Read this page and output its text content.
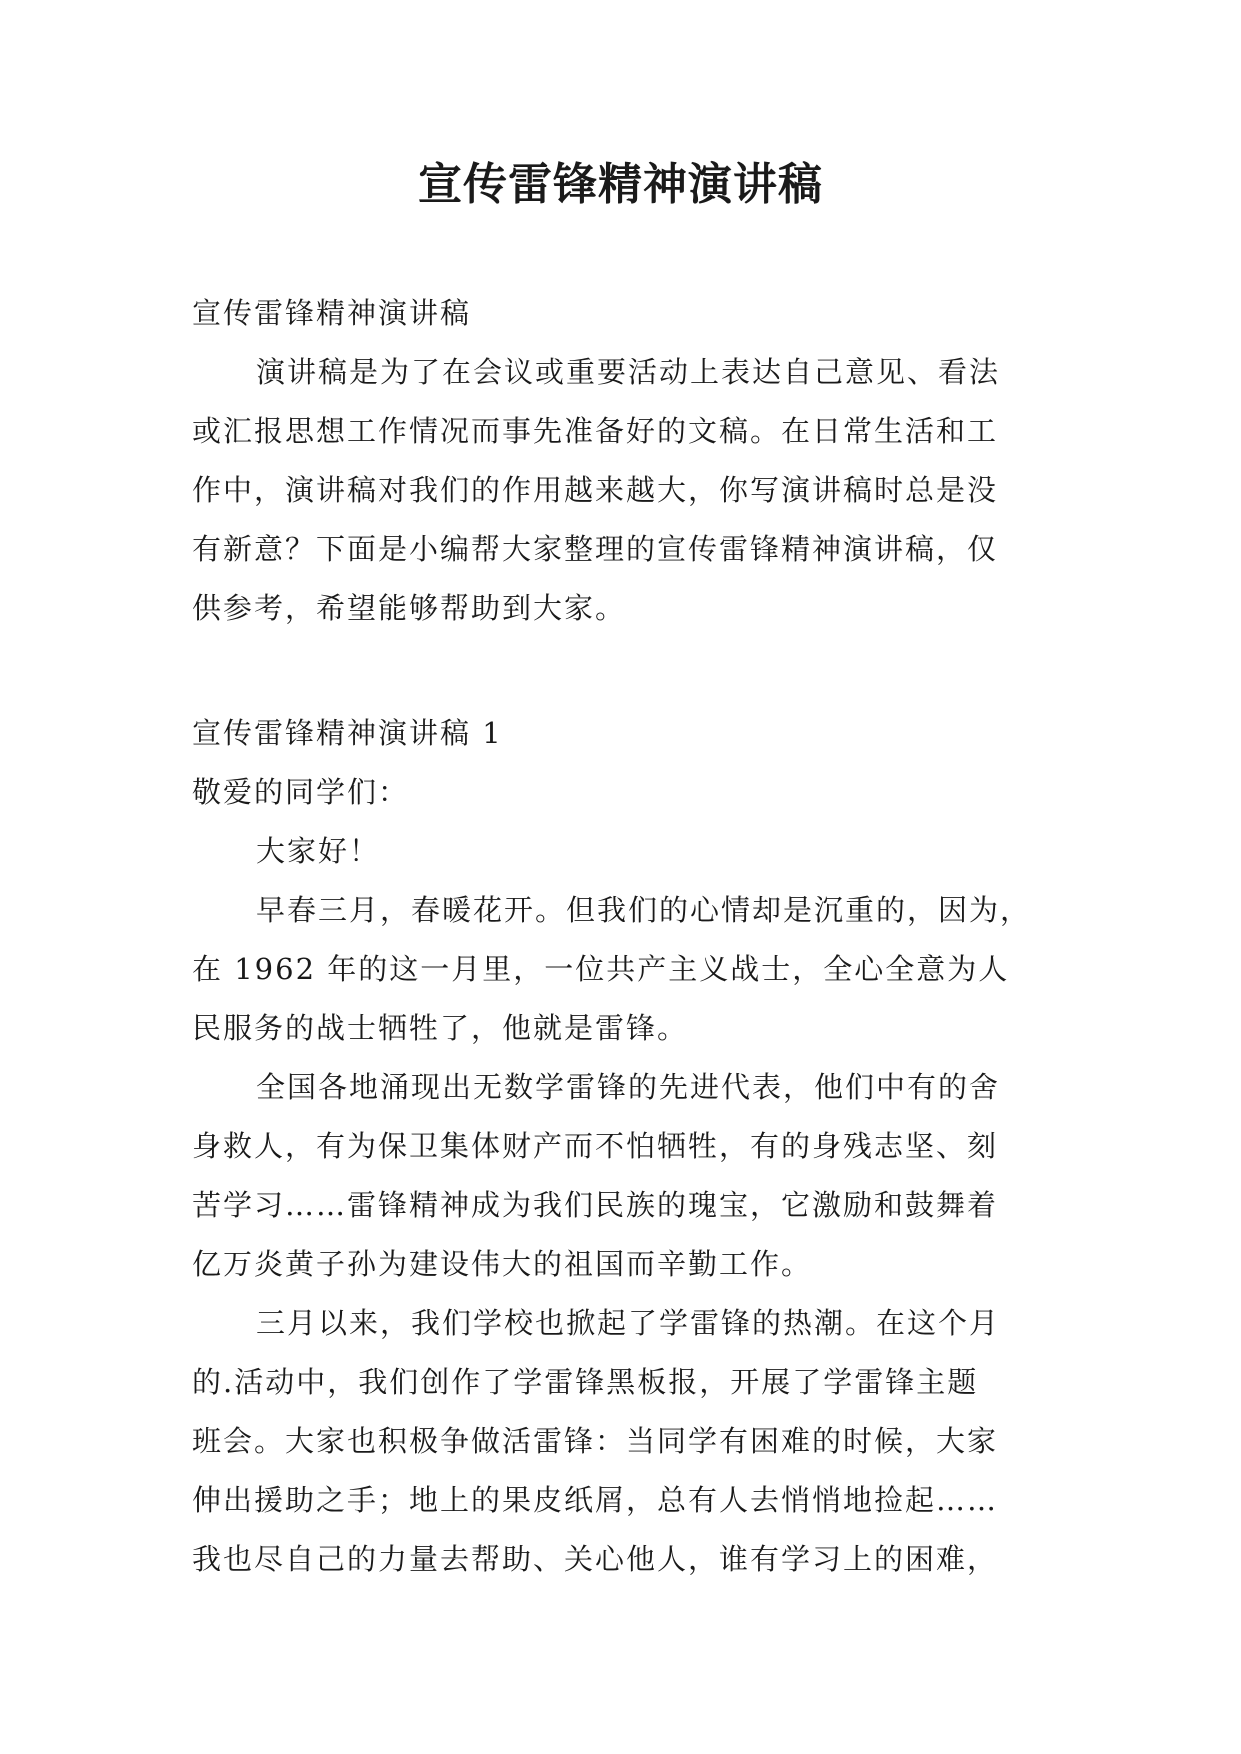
宣传雷锋精神演讲稿
宣传雷锋精神演讲稿
演讲稿是为了在会议或重要活动上表达自己意见、看法
或汇报思想工作情况而事先准备好的文稿。在日常生活和工
作中，演讲稿对我们的作用越来越大，你写演讲稿时总是没
有新意？下面是小编帮大家整理的宣传雷锋精神演讲稿，仅
供参考，希望能够帮助到大家。
宣传雷锋精神演讲稿 1
敬爱的同学们：
大家好！
早春三月，春暖花开。但我们的心情却是沉重的，因为，
在 1962 年的这一月里，一位共产主义战士，全心全意为人
民服务的战士牺牲了，他就是雷锋。
全国各地涌现出无数学雷锋的先进代表，他们中有的舍
身救人，有为保卫集体财产而不怕牺牲，有的身残志坚、刻
苦学习……雷锋精神成为我们民族的瑰宝，它激励和鼓舞着
亿万炎黄子孙为建设伟大的祖国而辛勤工作。
三月以来，我们学校也掀起了学雷锋的热潮。在这个月
的.活动中，我们创作了学雷锋黑板报，开展了学雷锋主题
班会。大家也积极争做活雷锋：当同学有困难的时候，大家
伸出援助之手；地上的果皮纸屑，总有人去悄悄地捡起……
我也尽自己的力量去帮助、关心他人，谁有学习上的困难，
